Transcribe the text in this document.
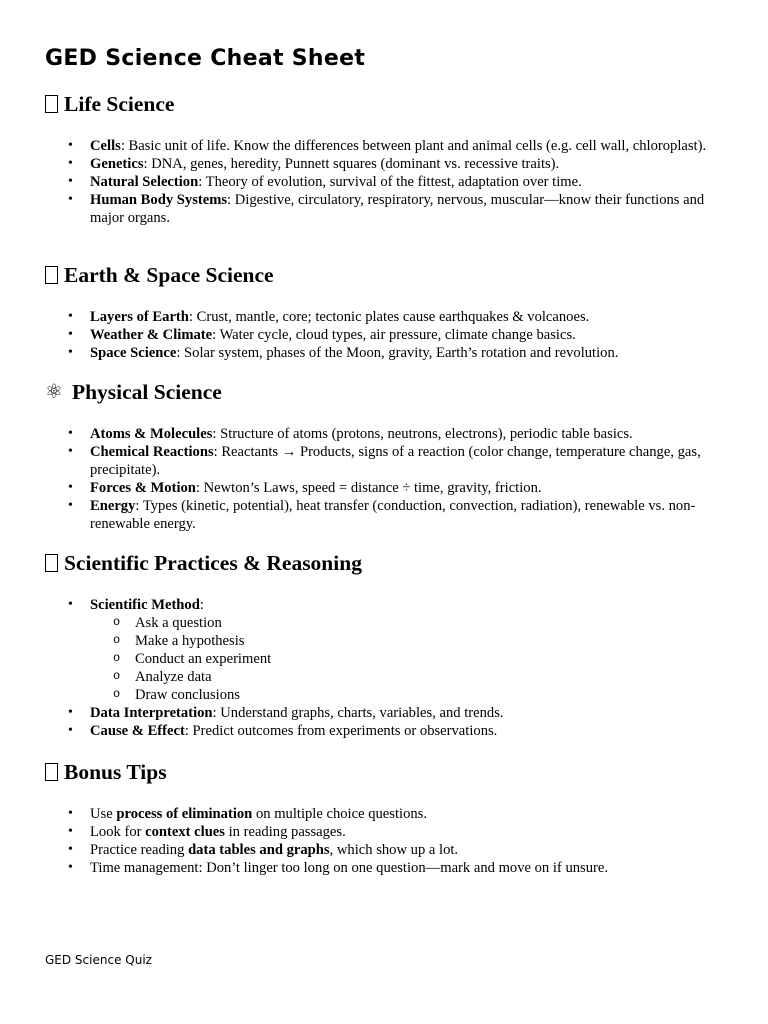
GED Science Cheat Sheet
Life Science
• Cells: Basic unit of life. Know the differences between plant and animal cells (e.g. cell wall, chloroplast).
• Genetics: DNA, genes, heredity, Punnett squares (dominant vs. recessive traits).
• Natural Selection: Theory of evolution, survival of the fittest, adaptation over time.
• Human Body Systems: Digestive, circulatory, respiratory, nervous, muscular—know their functions and major organs.
Earth & Space Science
• Layers of Earth: Crust, mantle, core; tectonic plates cause earthquakes & volcanoes.
• Weather & Climate: Water cycle, cloud types, air pressure, climate change basics.
• Space Science: Solar system, phases of the Moon, gravity, Earth’s rotation and revolution.
⚛ Physical Science
• Atoms & Molecules: Structure of atoms (protons, neutrons, electrons), periodic table basics.
• Chemical Reactions: Reactants → Products, signs of a reaction (color change, temperature change, gas, precipitate).
• Forces & Motion: Newton’s Laws, speed = distance ÷ time, gravity, friction.
• Energy: Types (kinetic, potential), heat transfer (conduction, convection, radiation), renewable vs. non-renewable energy.
Scientific Practices & Reasoning
• Scientific Method:
o Ask a question
o Make a hypothesis
o Conduct an experiment
o Analyze data
o Draw conclusions
• Data Interpretation: Understand graphs, charts, variables, and trends.
• Cause & Effect: Predict outcomes from experiments or observations.
Bonus Tips
• Use process of elimination on multiple choice questions.
• Look for context clues in reading passages.
• Practice reading data tables and graphs, which show up a lot.
• Time management: Don’t linger too long on one question—mark and move on if unsure.
GED Science Quiz
